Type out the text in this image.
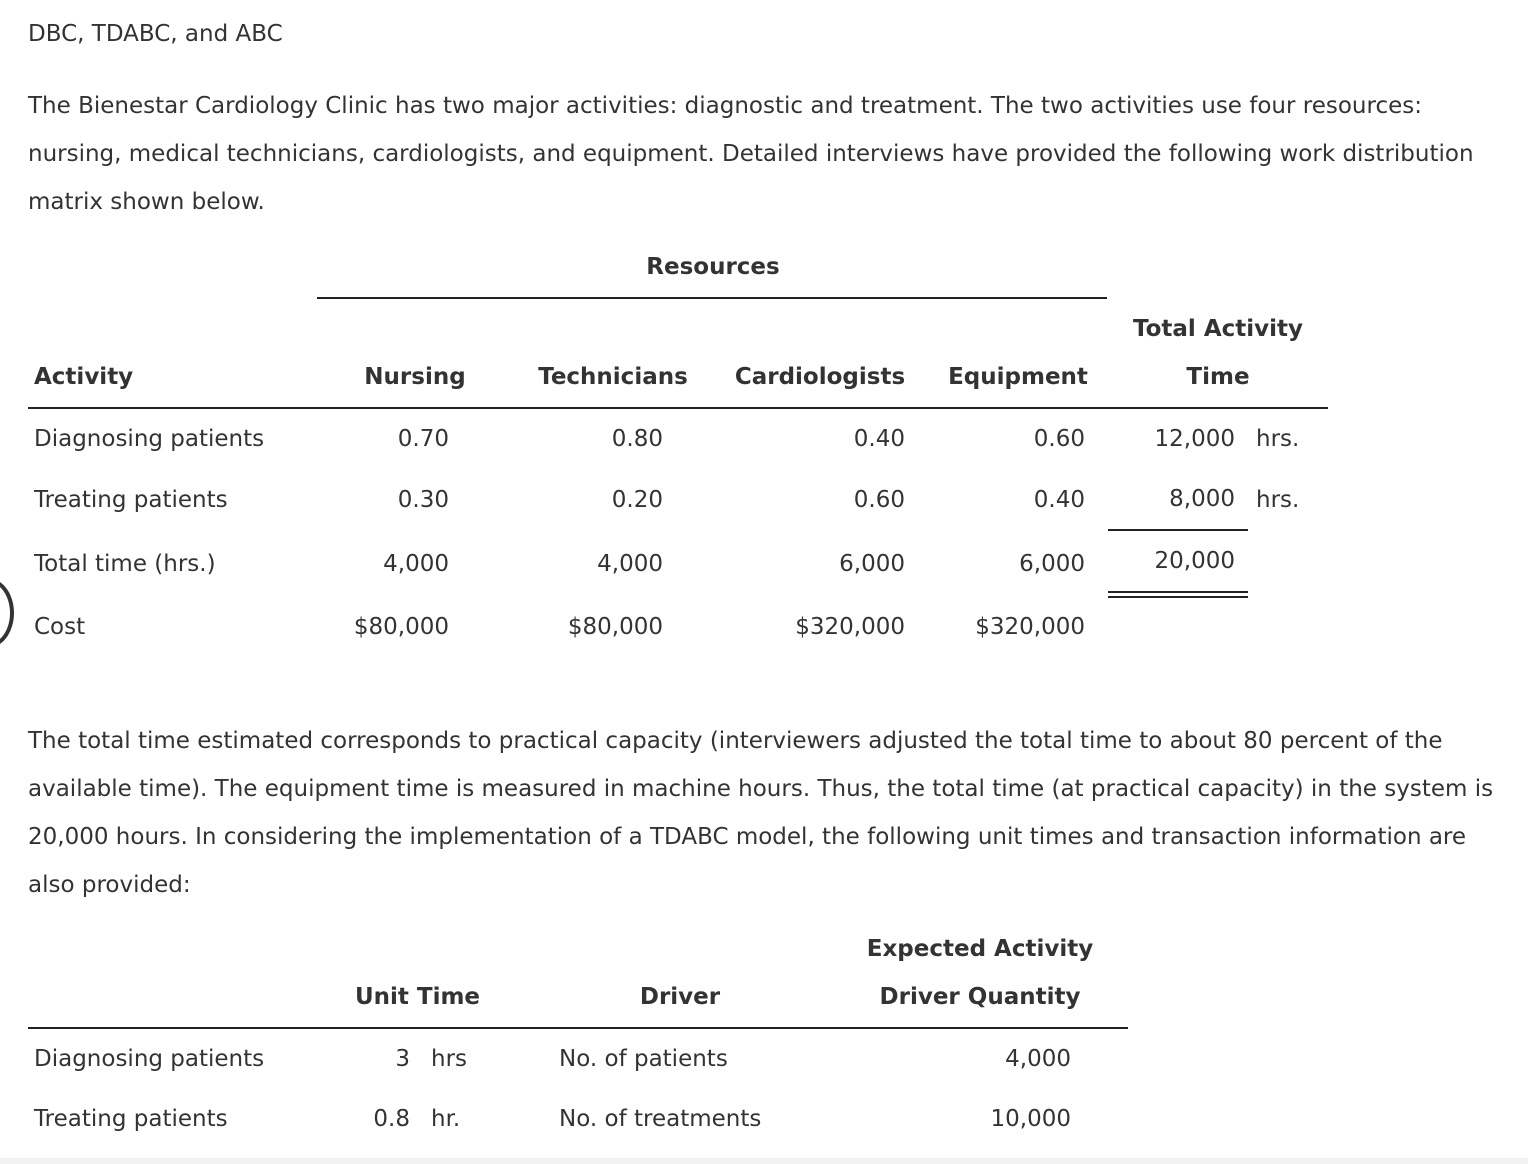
DBC, TDABC, and ABC
The Bienestar Cardiology Clinic has two major activities: diagnostic and treatment. The two activities use four resources: nursing, medical technicians, cardiologists, and equipment. Detailed interviews have provided the following work distribution matrix shown below.
Resources
Total Activity
Time
Activity	Nursing	Technicians	Cardiologists	Equipment
Diagnosing patients	0.70	0.80	0.40	0.60	12,000 hrs.
Treating patients	0.30	0.20	0.60	0.40	8,000 hrs.
Total time (hrs.)	4,000	4,000	6,000	6,000	20,000
Cost	$80,000	$80,000	$320,000	$320,000
The total time estimated corresponds to practical capacity (interviewers adjusted the total time to about 80 percent of the available time). The equipment time is measured in machine hours. Thus, the total time (at practical capacity) in the system is 20,000 hours. In considering the implementation of a TDABC model, the following unit times and transaction information are also provided:
Expected Activity
Unit Time	Driver	Driver Quantity
Diagnosing patients	3 hrs	No. of patients	4,000
Treating patients	0.8 hr.	No. of treatments	10,000
